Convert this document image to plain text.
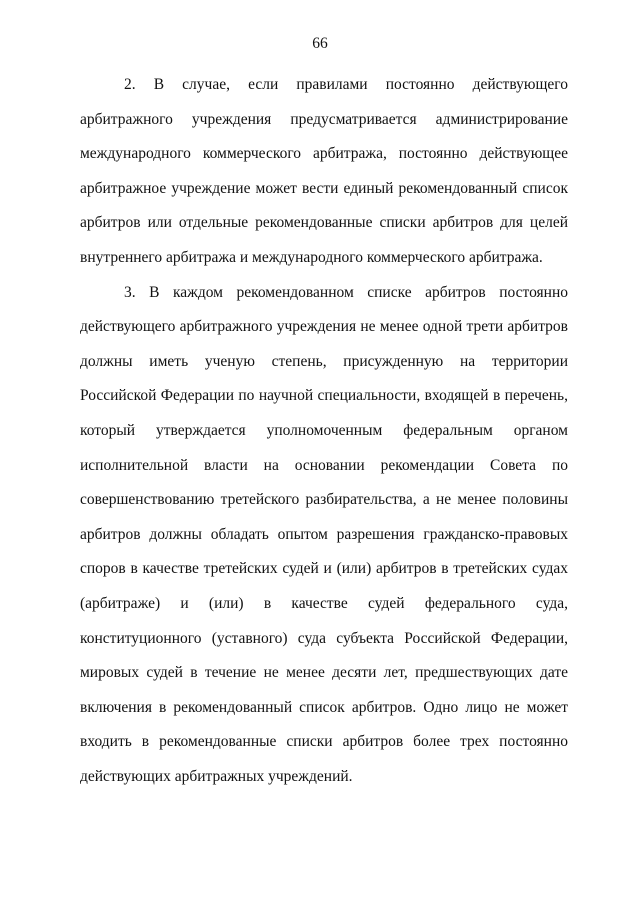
66

2. В случае, если правилами постоянно действующего арбитражного учреждения предусматривается администрирование международного коммерческого арбитража, постоянно действующее арбитражное учреждение может вести единый рекомендованный список арбитров или отдельные рекомендованные списки арбитров для целей внутреннего арбитража и международного коммерческого арбитража.

3. В каждом рекомендованном списке арбитров постоянно действующего арбитражного учреждения не менее одной трети арбитров должны иметь ученую степень, присужденную на территории Российской Федерации по научной специальности, входящей в перечень, который утверждается уполномоченным федеральным органом исполнительной власти на основании рекомендации Совета по совершенствованию третейского разбирательства, а не менее половины арбитров должны обладать опытом разрешения гражданско-правовых споров в качестве третейских судей и (или) арбитров в третейских судах (арбитраже) и (или) в качестве судей федерального суда, конституционного (уставного) суда субъекта Российской Федерации, мировых судей в течение не менее десяти лет, предшествующих дате включения в рекомендованный список арбитров. Одно лицо не может входить в рекомендованные списки арбитров более трех постоянно действующих арбитражных учреждений.
